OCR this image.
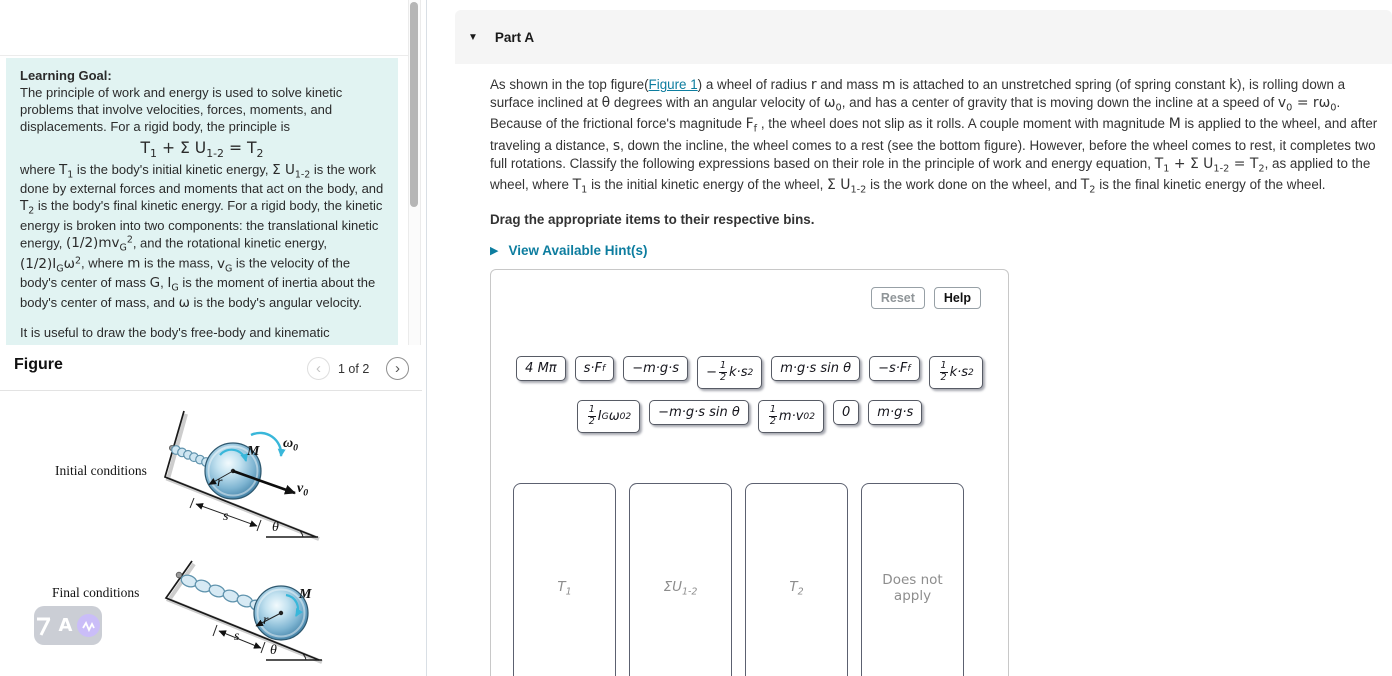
Learning Goal:

The principle of work and energy is used to solve kinetic problems that involve velocities, forces, moments, and displacements. For a rigid body, the principle is

$T_1 + \Sigma$ $U_{1-2} = T_2$

where $T_1$ is the body's initial kinetic energy, Σ $U_{1-2}$ is the work done by external forces and moments that act on the body, and $T_2$ is the body's final kinetic energy. For a rigid body, the kinetic energy is broken into two components: the translational kinetic energy, $(1/2)mv_G^2$, and the rotational kinetic energy, $(1/2)I_G\omega^2$, where m is the mass, $v_G$ is the velocity of the body's center of mass G, $I_G$ is the moment of inertia about the body's center of mass, and ω is the body's angular velocity.

It is useful to draw the body's free-body and kinematic

Figure	‹ 1 of 2 ›
Initial conditions
M
$\omega_0$
$v_0$
r
s
θ
Final conditions	M
r
s
θ
A
▼ Part A

As shown in the top figure(Figure 1) a wheel of radius r and mass m is attached to an unstretched spring (of spring constant k), is rolling down a surface inclined at θ degrees with an angular velocity of $\omega_0$, and has a center of gravity that is moving down the incline at a speed of $v_0 = r\omega_0$. Because of the frictional force's magnitude $F_f$ , the wheel does not slip as it rolls. A couple moment with magnitude M is applied to the wheel, and after traveling a distance, s, down the incline, the wheel comes to a rest (see the bottom figure). However, before the wheel comes to rest, it completes two full rotations. Classify the following expressions based on their role in the principle of work and energy equation, $T_1 + \Sigma$ $U_{1-2} = T_2$, as applied to the wheel, where $T_1$ is the initial kinetic energy of the wheel, Σ $U_{1-2}$ is the work done on the wheel, and $T_2$ is the final kinetic energy of the wheel.

Drag the appropriate items to their respective bins.

▶ View Available Hint(s)
Reset	Help
4 Mπ	s·F f	−m·g·s	− $\frac{1}{2} k\cdot s$ 2	m·g·s sin θ	−s·F f	$\frac{1}{2} k\cdot s$ 2
$\frac{1}{2}$ I G ω 0 2	−m·g·s sin θ	$\frac{1}{2} m\cdot v$ 0 2	0	m·g·s
$T_1$	$\Sigma U_{1-2}$	$T_2$
Does not apply
